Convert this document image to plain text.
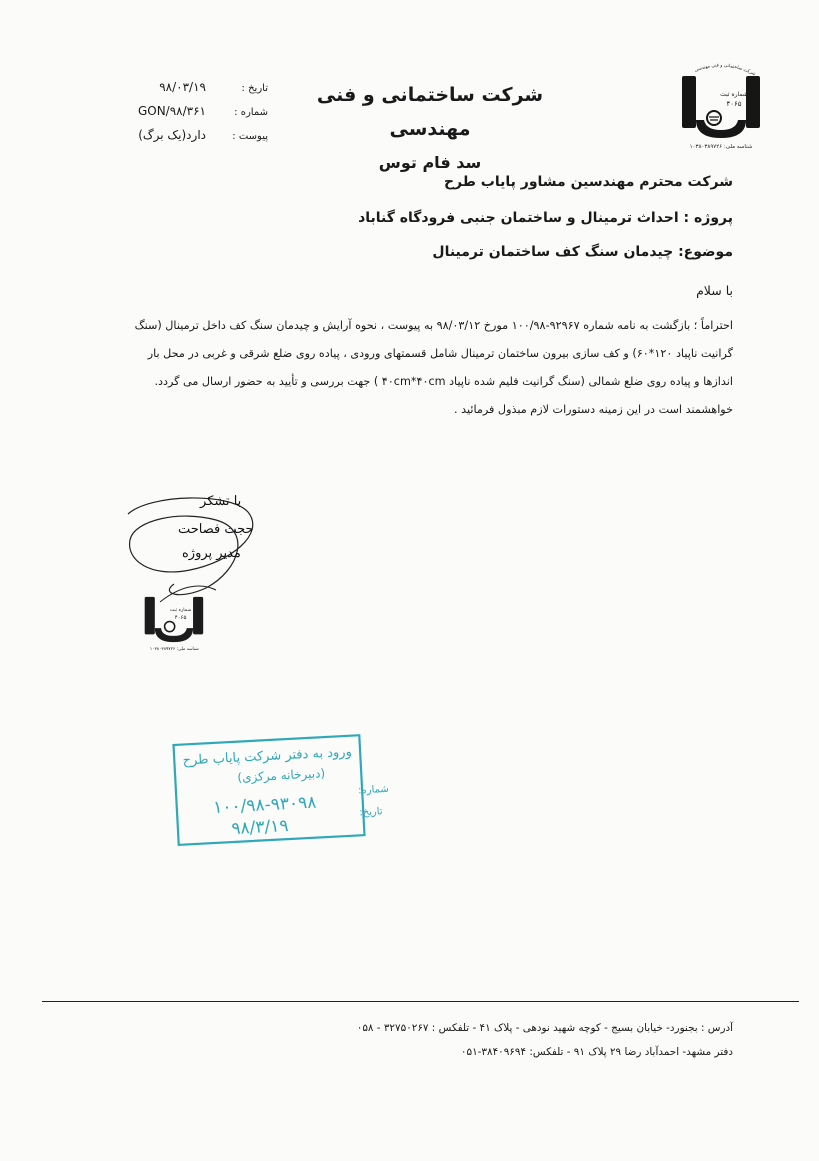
تاریخ :
۹۸/۰۳/۱۹
شماره :
GON/۹۸/۳۶۱
پیوست :
دارد(یک برگ)
شرکت ساختمانی و فنی مهندسی
سد فام توس
شرکت ساختمانی و فنی مهندسی
شماره ثبت
۴۰۶۵
شناسه ملی: ۱۰۳۸۰۳۸۹۷۲۶
شرکت محترم مهندسین مشاور پایاب طرح
پروژه : احداث ترمینال و ساختمان جنبی فرودگاه گناباد
موضوع: چیدمان سنگ کف ساختمان ترمینال
با سلام
احتراماً ؛ بازگشت به نامه شماره ۹۲۹۶۷-۱۰۰/۹۸ مورخ ۹۸/۰۳/۱۲ به پیوست ، نحوه آرایش و چیدمان سنگ کف داخل ترمینال (سنگ
گرانیت ناپیاد ۱۲۰*۶۰) و کف سازی بیرون ساختمان ترمینال شامل قسمتهای ورودی ، پیاده روی ضلع شرقی و غربی در محل بار
اندازها و پیاده روی ضلع شمالی (سنگ گرانیت فلیم شده ناپیاد ۴۰cm*۴۰cm ) جهت بررسی و تأیید به حضور ارسال می گردد.
خواهشمند است در این زمینه دستورات لازم مبذول فرمائید .
شماره ثبت
۴۰۶۵
شناسه ملی: ۱۰۳۸۰۳۸۹۷۲۶
با تشکر
حجت فصاحت
مدیر پروژه
ورود به دفتر شرکت پایاب طرح
(دبیرخانه مرکزی)
شماره:
۱۰۰/۹۸-۹۳۰۹۸	تاریخ:
۹۸/۳/۱۹
آدرس : بجنورد- خیابان بسیج - کوچه شهید نودهی - پلاک ۴۱ - تلفکس : ۳۲۷۵۰۲۶۷ - ۰۵۸
دفتر مشهد- احمدآباد رضا ۲۹ پلاک ۹۱ - تلفکس: ۳۸۴۰۹۶۹۴-۰۵۱
